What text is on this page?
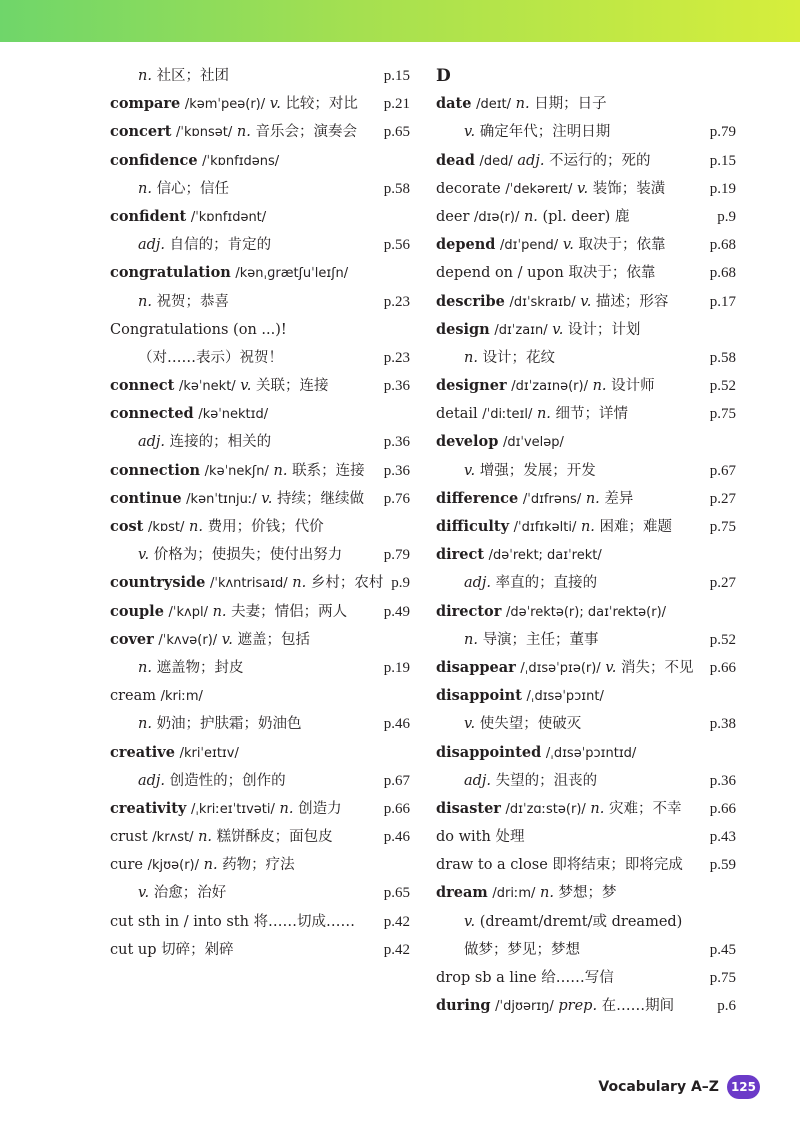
n. 社区；社团	p.15
compare /kəmˈpeə(r)/ v. 比较；对比 p.21
concert /ˈkɒnsət/ n. 音乐会；演奏会 p.65
confidence /ˈkɒnfɪdəns/
n. 信心；信任	p.58
confident /ˈkɒnfɪdənt/
adj. 自信的；肯定的	p.56
congratulation /kənˌɡrætʃuˈleɪʃn/
n. 祝贺；恭喜	p.23
Congratulations (on ...)!
（对……表示）祝贺！	p.23
connect /kəˈnekt/ v. 关联；连接	p.36
connected /kəˈnektɪd/
adj. 连接的；相关的	p.36
connection /kəˈnekʃn/ n. 联系；连接 p.36
continue /kənˈtɪnjuː/ v. 持续；继续做 p.76
cost /kɒst/ n. 费用；价钱；代价
v. 价格为；使损失；使付出努力	p.79
countryside /ˈkʌntrisaɪd/ n. 乡村；农村 p.9
couple /ˈkʌpl/ n. 夫妻；情侣；两人 p.49
cover /ˈkʌvə(r)/ v. 遮盖；包括
n. 遮盖物；封皮	p.19
cream /kriːm/
n. 奶油；护肤霜；奶油色	p.46
creative /kriˈeɪtɪv/
adj. 创造性的；创作的	p.67
creativity /ˌkriːeɪˈtɪvəti/ n. 创造力	p.66
crust /krʌst/ n. 糕饼酥皮；面包皮	p.46
cure /kjʊə(r)/ n. 药物；疗法
v. 治愈；治好	p.65
cut sth in / into sth 将……切成…… p.42
cut up 切碎；剁碎	p.42
D
date /deɪt/ n. 日期；日子
v. 确定年代；注明日期	p.79
dead /ded/ adj. 不运行的；死的	p.15
decorate /ˈdekəreɪt/ v. 装饰；装潢	p.19
deer /dɪə(r)/ n. (pl. deer) 鹿	p.9
depend /dɪˈpend/ v. 取决于；依靠	p.68
depend on / upon 取决于；依靠	p.68
describe /dɪˈskraɪb/ v. 描述；形容	p.17
design /dɪˈzaɪn/ v. 设计；计划
n. 设计；花纹	p.58
designer /dɪˈzaɪnə(r)/ n. 设计师	p.52
detail /ˈdiːteɪl/ n. 细节；详情	p.75
develop /dɪˈveləp/
v. 增强；发展；开发	p.67
difference /ˈdɪfrəns/ n. 差异	p.27
difficulty /ˈdɪfɪkəlti/ n. 困难；难题	p.75
direct /dəˈrekt; daɪˈrekt/
adj. 率直的；直接的	p.27
director /dəˈrektə(r); daɪˈrektə(r)/
n. 导演；主任；董事	p.52
disappear /ˌdɪsəˈpɪə(r)/ v. 消失；不见 p.66
disappoint /ˌdɪsəˈpɔɪnt/
v. 使失望；使破灭	p.38
disappointed /ˌdɪsəˈpɔɪntɪd/
adj. 失望的；沮丧的	p.36
disaster /dɪˈzɑːstə(r)/ n. 灾难；不幸 p.66
do with 处理	p.43
draw to a close 即将结束；即将完成 p.59
dream /driːm/ n. 梦想；梦
v. (dreamt/dremt/或 dreamed)
做梦；梦见；梦想	p.45
drop sb a line 给……写信	p.75
during /ˈdjʊərɪŋ/ prep. 在……期间	p.6
Vocabulary A–Z	125
